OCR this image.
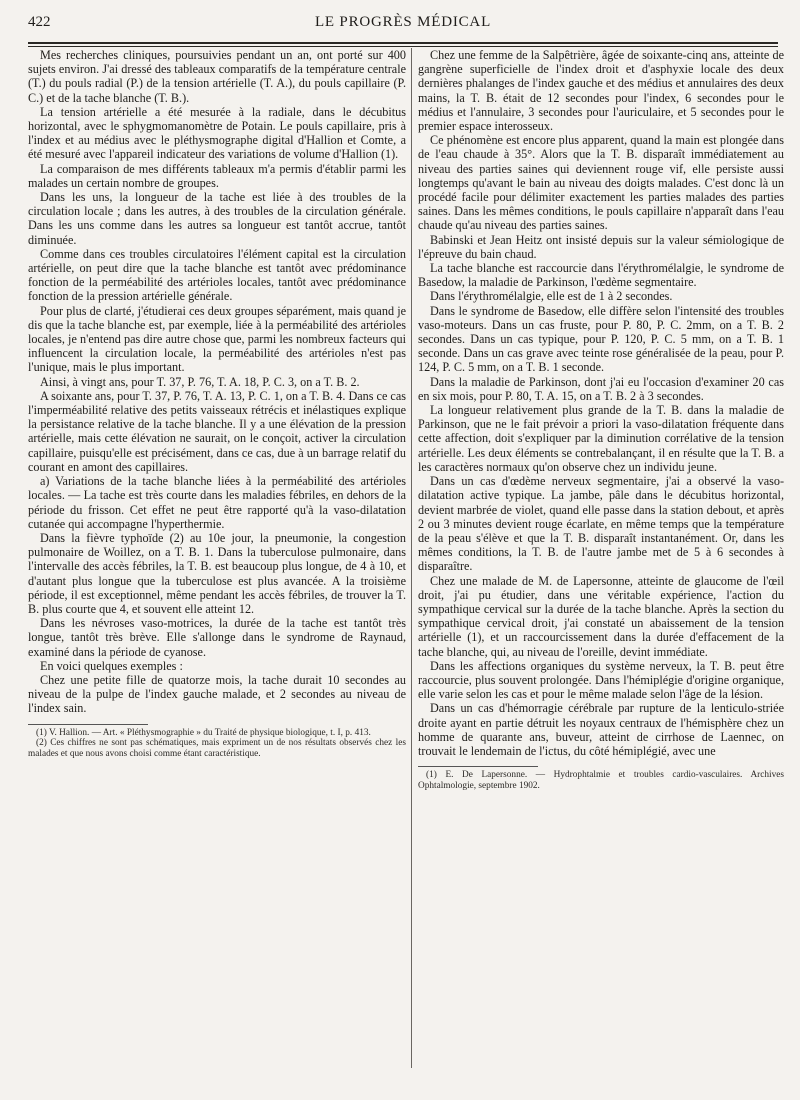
422	LE PROGRÈS MÉDICAL

Mes recherches cliniques, poursuivies pendant un an, ont porté sur 400 sujets environ. J'ai dressé des tableaux comparatifs de la température centrale (T.) du pouls radial (P.) de la tension artérielle (T. A.), du pouls capillaire (P. C.) et de la tache blanche (T. B.).

La tension artérielle a été mesurée à la radiale, dans le décubitus horizontal, avec le sphygmomanomètre de Potain. Le pouls capillaire, pris à l'index et au médius avec le pléthysmographe digital d'Hallion et Comte, a été mesuré avec l'appareil indicateur des variations de volume d'Hallion (1).

La comparaison de mes différents tableaux m'a permis d'établir parmi les malades un certain nombre de groupes.

Dans les uns, la longueur de la tache est liée à des troubles de la circulation locale ; dans les autres, à des troubles de la circulation générale. Dans les uns comme dans les autres sa longueur est tantôt accrue, tantôt diminuée.

Comme dans ces troubles circulatoires l'élément capital est la circulation artérielle, on peut dire que la tache blanche est tantôt avec prédominance fonction de la perméabilité des artérioles locales, tantôt avec prédominance fonction de la pression artérielle générale.

Pour plus de clarté, j'étudierai ces deux groupes séparément, mais quand je dis que la tache blanche est, par exemple, liée à la perméabilité des artérioles locales, je n'entend pas dire autre chose que, parmi les nombreux facteurs qui influencent la circulation locale, la perméabilité des artérioles n'est pas l'unique, mais le plus important.

Ainsi, à vingt ans, pour T. 37, P. 76, T. A. 18, P. C. 3, on a T. B. 2.

A soixante ans, pour T. 37, P. 76, T. A. 13, P. C. 1, on a T. B. 4. Dans ce cas l'imperméabilité relative des petits vaisseaux rétrécis et inélastiques explique la persistance relative de la tache blanche. Il y a une élévation de la pression artérielle, mais cette élévation ne saurait, on le conçoit, activer la circulation capillaire, puisqu'elle est précisément, dans ce cas, due à un barrage relatif du courant en amont des capillaires.

a) Variations de la tache blanche liées à la perméabilité des artérioles locales. — La tache est très courte dans les maladies fébriles, en dehors de la période du frisson. Cet effet ne peut être rapporté qu'à la vaso-dilatation cutanée qui accompagne l'hyperthermie.

Dans la fièvre typhoïde (2) au 10e jour, la pneumonie, la congestion pulmonaire de Woillez, on a T. B. 1. Dans la tuberculose pulmonaire, dans l'intervalle des accès fébriles, la T. B. est beaucoup plus longue, de 4 à 10, et d'autant plus longue que la tuberculose est plus avancée. A la troisième période, il est exceptionnel, même pendant les accès fébriles, de trouver la T. B. plus courte que 4, et souvent elle atteint 12.

Dans les névroses vaso-motrices, la durée de la tache est tantôt très longue, tantôt très brève. Elle s'allonge dans le syndrome de Raynaud, examiné dans la période de cyanose.

En voici quelques exemples :

Chez une petite fille de quatorze mois, la tache durait 10 secondes au niveau de la pulpe de l'index gauche malade, et 2 secondes au niveau de l'index sain.

(1) V. Hallion. — Art. « Pléthysmographie » du Traité de physique biologique, t. I, p. 413.

(2) Ces chiffres ne sont pas schématiques, mais expriment un de nos résultats observés chez les malades et que nous avons choisi comme étant caractéristique.

Chez une femme de la Salpêtrière, âgée de soixante-cinq ans, atteinte de gangrène superficielle de l'index droit et d'asphyxie locale des deux dernières phalanges de l'index gauche et des médius et annulaires des deux mains, la T. B. était de 12 secondes pour l'index, 6 secondes pour le médius et l'annulaire, 3 secondes pour l'auriculaire, et 5 secondes pour le premier espace interosseux.

Ce phénomène est encore plus apparent, quand la main est plongée dans de l'eau chaude à 35°. Alors que la T. B. disparaît immédiatement au niveau des parties saines qui deviennent rouge vif, elle persiste aussi longtemps qu'avant le bain au niveau des doigts malades. C'est donc là un procédé facile pour délimiter exactement les parties malades des parties saines. Dans les mêmes conditions, le pouls capillaire n'apparaît dans l'eau chaude qu'au niveau des parties saines.

Babinski et Jean Heitz ont insisté depuis sur la valeur sémiologique de l'épreuve du bain chaud.

La tache blanche est raccourcie dans l'érythromélalgie, le syndrome de Basedow, la maladie de Parkinson, l'œdème segmentaire.

Dans l'érythromélalgie, elle est de 1 à 2 secondes.

Dans le syndrome de Basedow, elle diffère selon l'intensité des troubles vaso-moteurs. Dans un cas fruste, pour P. 80, P. C. 2mm, on a T. B. 2 secondes. Dans un cas typique, pour P. 120, P. C. 5 mm, on a T. B. 1 seconde. Dans un cas grave avec teinte rose généralisée de la peau, pour P. 124, P. C. 5 mm, on a T. B. 1 seconde.

Dans la maladie de Parkinson, dont j'ai eu l'occasion d'examiner 20 cas en six mois, pour P. 80, T. A. 15, on a T. B. 2 à 3 secondes.

La longueur relativement plus grande de la T. B. dans la maladie de Parkinson, que ne le fait prévoir a priori la vaso-dilatation fréquente dans cette affection, doit s'expliquer par la diminution corrélative de la tension artérielle. Les deux éléments se contrebalançant, il en résulte que la T. B. a les caractères normaux qu'on observe chez un individu jeune.

Dans un cas d'œdème nerveux segmentaire, j'ai a observé la vaso-dilatation active typique. La jambe, pâle dans le décubitus horizontal, devient marbrée de violet, quand elle passe dans la station debout, et après 2 ou 3 minutes devient rouge écarlate, en même temps que la température de la peau s'élève et que la T. B. disparaît instantanément. Or, dans les mêmes conditions, la T. B. de l'autre jambe met de 5 à 6 secondes à disparaître.

Chez une malade de M. de Lapersonne, atteinte de glaucome de l'œil droit, j'ai pu étudier, dans une véritable expérience, l'action du sympathique cervical sur la durée de la tache blanche. Après la section du sympathique cervical droit, j'ai constaté un abaissement de la tension artérielle (1), et un raccourcissement dans la durée d'effacement de la tache blanche, qui, au niveau de l'oreille, devint immédiate.

Dans les affections organiques du système nerveux, la T. B. peut être raccourcie, plus souvent prolongée. Dans l'hémiplégie d'origine organique, elle varie selon les cas et pour le même malade selon l'âge de la lésion.

Dans un cas d'hémorragie cérébrale par rupture de la lenticulo-striée droite ayant en partie détruit les noyaux centraux de l'hémisphère chez un homme de quarante ans, buveur, atteint de cirrhose de Laennec, on trouvait le lendemain de l'ictus, du côté hémiplégié, avec une

(1) E. De Lapersonne. — Hydrophtalmie et troubles cardio-vasculaires. Archives Ophtalmologie, septembre 1902.
